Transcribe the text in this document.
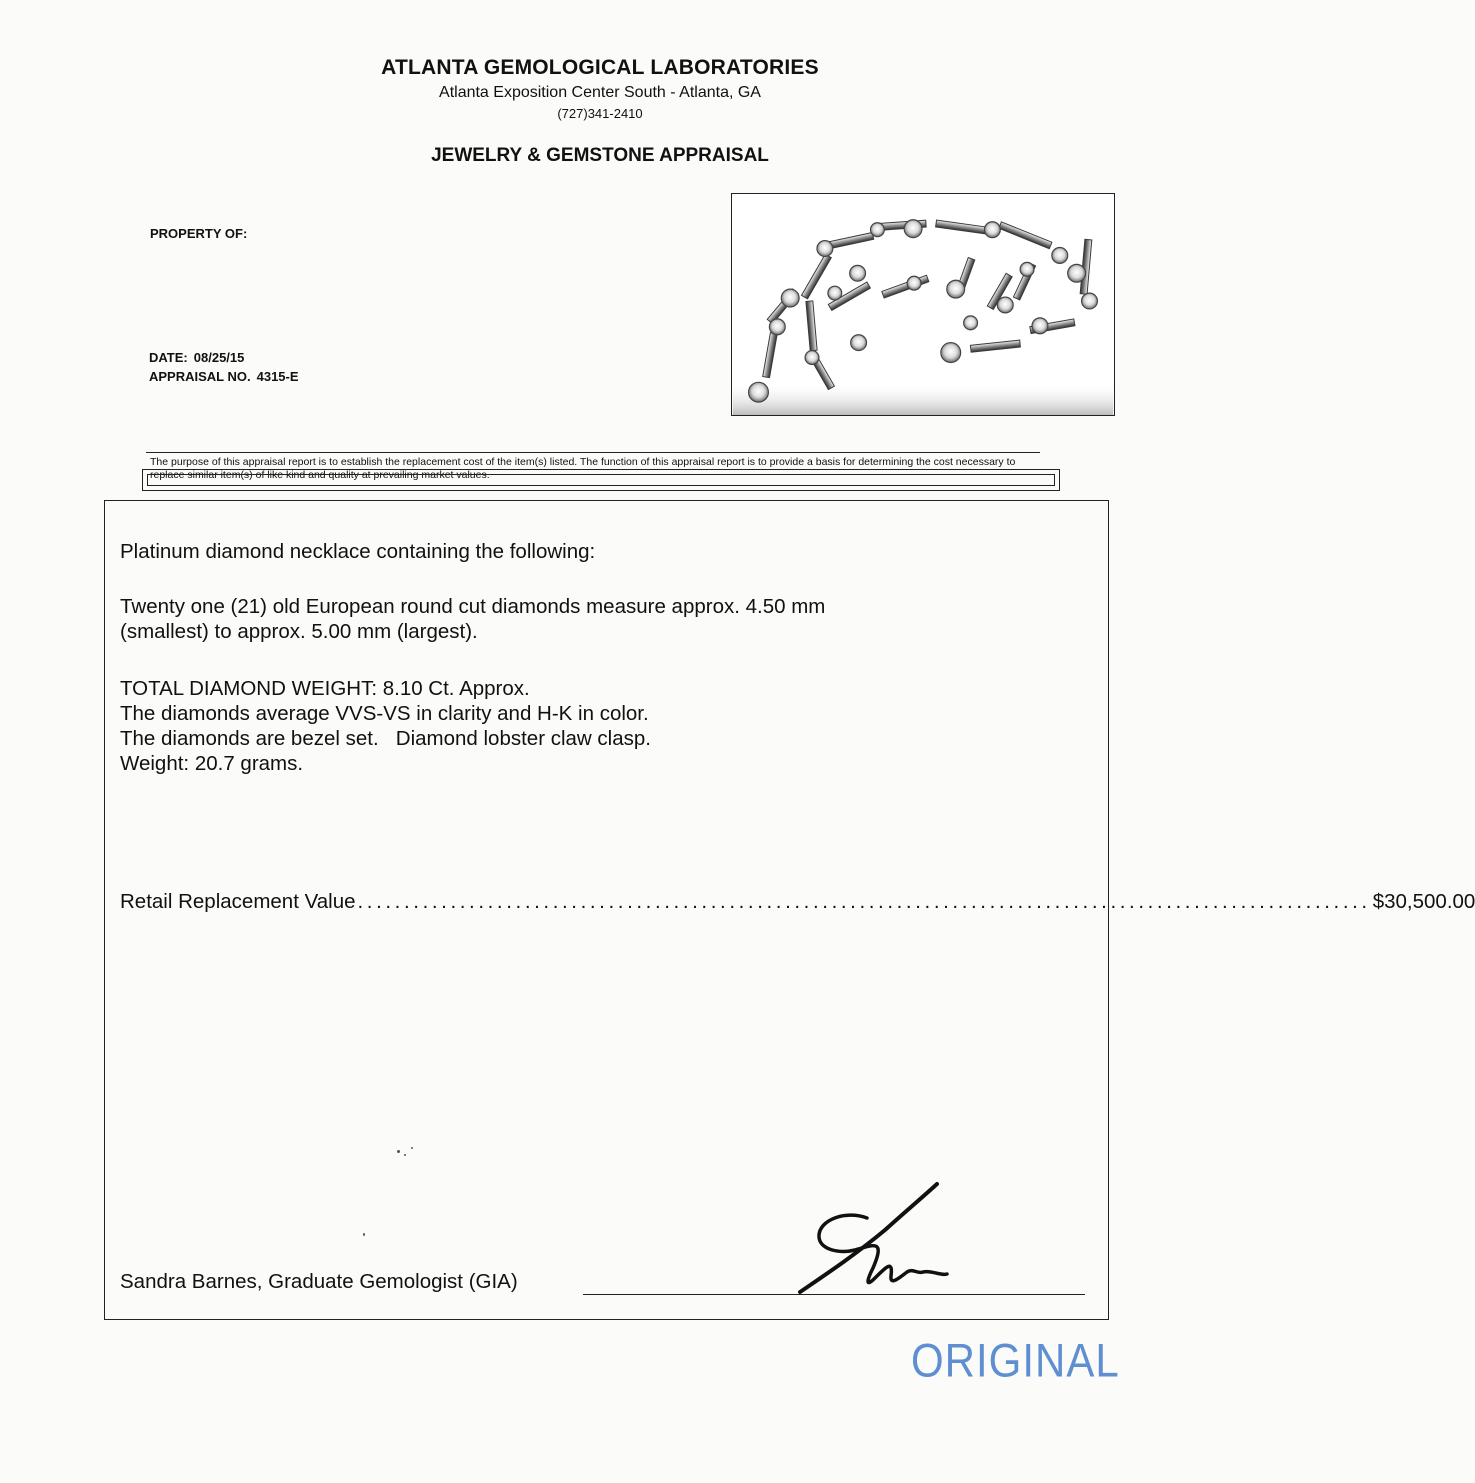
ATLANTA GEMOLOGICAL LABORATORIES
Atlanta Exposition Center South - Atlanta, GA
(727)341-2410
JEWELRY & GEMSTONE APPRAISAL
PROPERTY OF:
DATE: 08/25/15
APPRAISAL NO. 4315-E
The purpose of this appraisal report is to establish the replacement cost of the item(s) listed. The function of this appraisal report is to provide a basis for determining the cost necessary to replace similar item(s) of like kind and quality at prevailing market values.
Platinum diamond necklace containing the following:
Twenty one (21) old European round cut diamonds measure approx. 4.50 mm
(smallest) to approx. 5.00 mm (largest).
TOTAL DIAMOND WEIGHT: 8.10 Ct. Approx.
The diamonds average VVS-VS in clarity and H-K in color.
The diamonds are bezel set.   Diamond lobster claw clasp.
Weight: 20.7 grams.
Retail Replacement Value ............................................................................................................. $30,500.00
Sandra Barnes, Graduate Gemologist (GIA)
ORIGINAL
